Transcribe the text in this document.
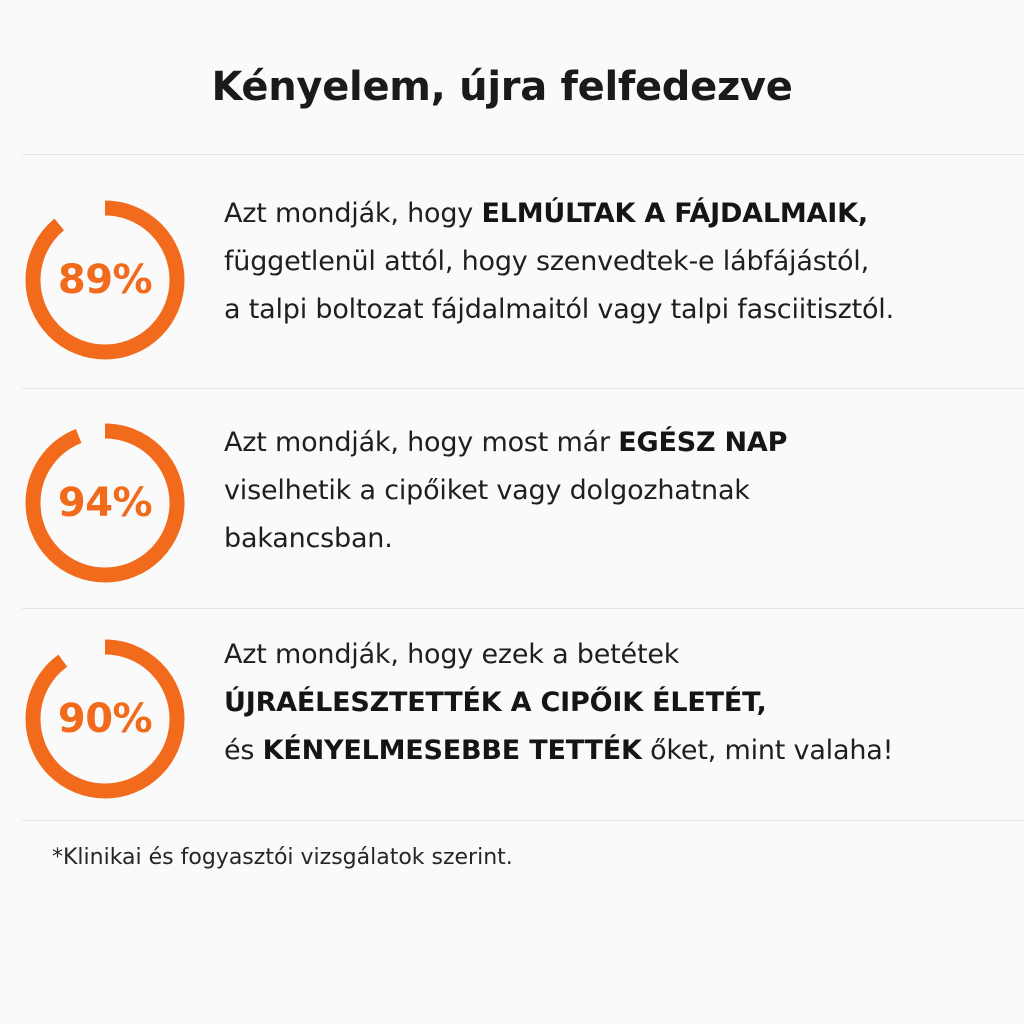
Kényelem, újra felfedezve
89%
Azt mondják, hogy ELMÚLTAK A FÁJDALMAIK,
függetlenül attól, hogy szenvedtek-e lábfájástól,
a talpi boltozat fájdalmaitól vagy talpi fasciitisztól.
94%
Azt mondják, hogy most már EGÉSZ NAP
viselhetik a cipőiket vagy dolgozhatnak
bakancsban.
90%
Azt mondják, hogy ezek a betétek
ÚJRAÉLESZTETTÉK A CIPŐIK ÉLETÉT,
és KÉNYELMESEBBE TETTÉK őket, mint valaha!
*Klinikai és fogyasztói vizsgálatok szerint.
